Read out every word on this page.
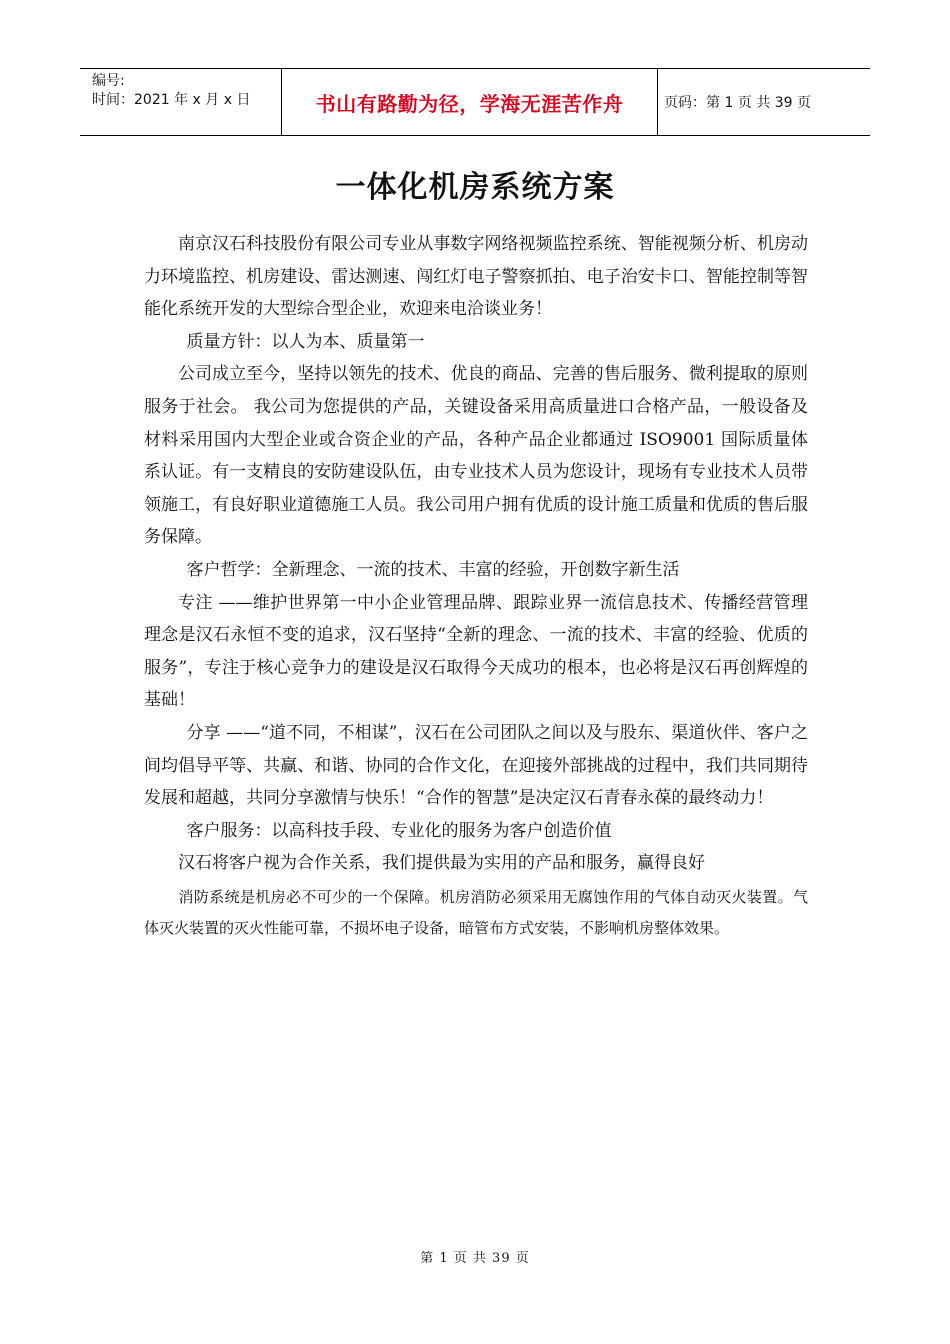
编号:
时间：2021 年 x 月 x 日	书山有路勤为径，学海无涯苦作舟	页码：第 1 页 共 39 页
一体化机房系统方案

南京汉石科技股份有限公司专业从事数字网络视频监控系统、智能视频分析、机房动力环境监控、机房建设、雷达测速、闯红灯电子警察抓拍、电子治安卡口、智能控制等智能化系统开发的大型综合型企业，欢迎来电洽谈业务！

质量方针：以人为本、质量第一

公司成立至今，坚持以领先的技术、优良的商品、完善的售后服务、微利提取的原则服务于社会。 我公司为您提供的产品，关键设备采用高质量进口合格产品，一般设备及材料采用国内大型企业或合资企业的产品，各种产品企业都通过 ISO9001 国际质量体系认证。有一支精良的安防建设队伍，由专业技术人员为您设计，现场有专业技术人员带领施工，有良好职业道德施工人员。我公司用户拥有优质的设计施工质量和优质的售后服务保障。

客户哲学：全新理念、一流的技术、丰富的经验，开创数字新生活

专注 ——维护世界第一中小企业管理品牌、跟踪业界一流信息技术、传播经营管理理念是汉石永恒不变的追求，汉石坚持“全新的理念、一流的技术、丰富的经验、优质的服务”，专注于核心竞争力的建设是汉石取得今天成功的根本，也必将是汉石再创辉煌的基础！

分享 ——“道不同，不相谋”，汉石在公司团队之间以及与股东、渠道伙伴、客户之间均倡导平等、共赢、和谐、协同的合作文化，在迎接外部挑战的过程中，我们共同期待发展和超越，共同分享激情与快乐！“合作的智慧”是决定汉石青春永葆的最终动力！

客户服务：以高科技手段、专业化的服务为客户创造价值

汉石将客户视为合作关系，我们提供最为实用的产品和服务，赢得良好

消防系统是机房必不可少的一个保障。机房消防必须采用无腐蚀作用的气体自动灭火装置。气体灭火装置的灭火性能可靠，不损坏电子设备，暗管布方式安装，不影响机房整体效果。

第 1 页 共 39 页
